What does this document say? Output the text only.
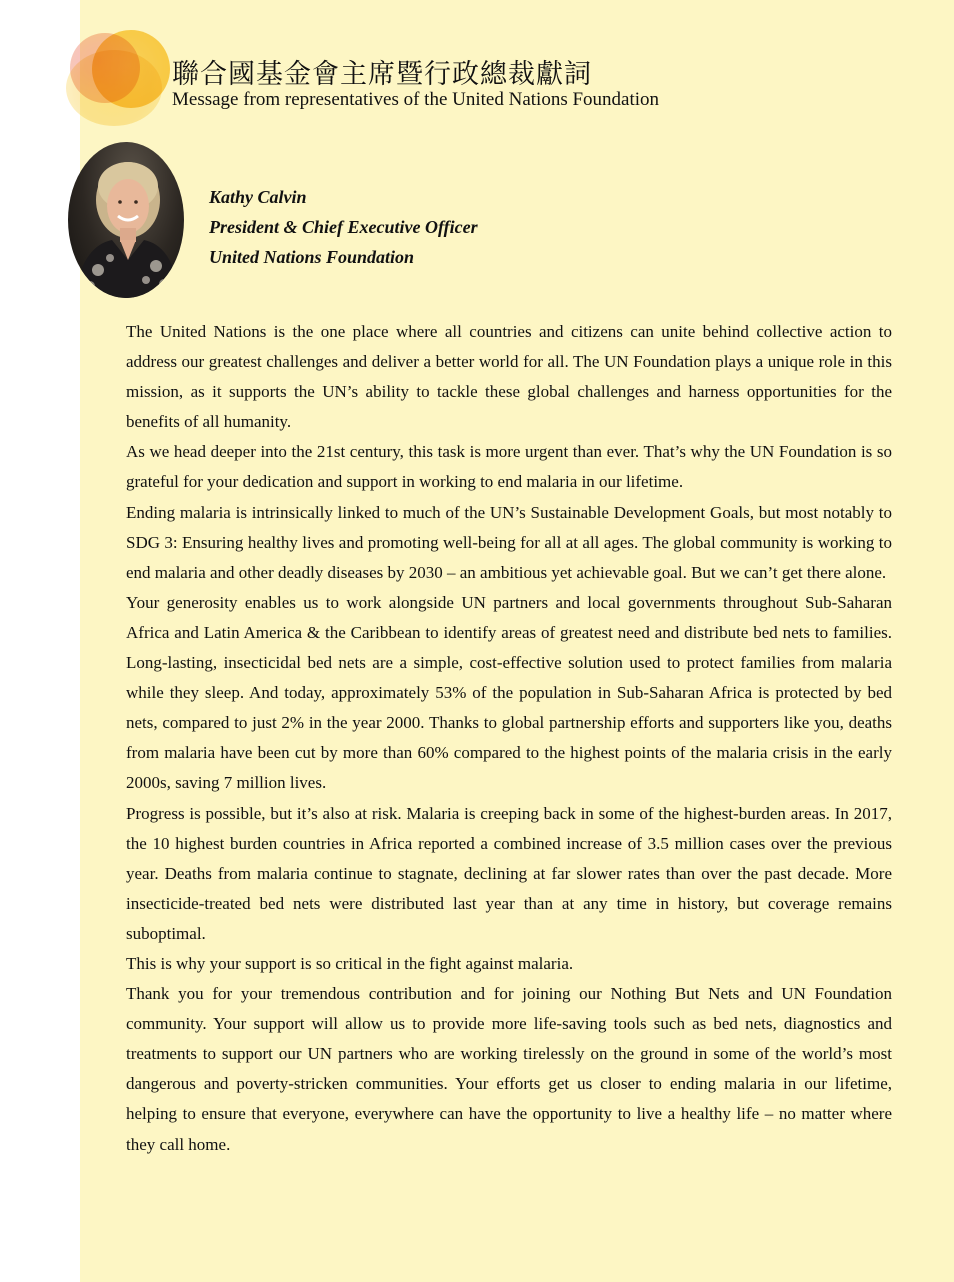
聯合國基金會主席暨行政總裁獻詞
Message from representatives of the United Nations Foundation
Kathy Calvin
President & Chief Executive Officer
United Nations Foundation

The United Nations is the one place where all countries and citizens can unite behind collective action to address our greatest challenges and deliver a better world for all. The UN Foundation plays a unique role in this mission, as it supports the UN’s ability to tackle these global challenges and harness opportunities for the benefits of all humanity.

As we head deeper into the 21st century, this task is more urgent than ever. That’s why the UN Foundation is so grateful for your dedication and support in working to end malaria in our lifetime.

Ending malaria is intrinsically linked to much of the UN’s Sustainable Development Goals, but most notably to SDG 3: Ensuring healthy lives and promoting well-being for all at all ages. The global community is working to end malaria and other deadly diseases by 2030 – an ambitious yet achievable goal. But we can’t get there alone.

Your generosity enables us to work alongside UN partners and local governments throughout Sub-Saharan Africa and Latin America & the Caribbean to identify areas of greatest need and distribute bed nets to families. Long-lasting, insecticidal bed nets are a simple, cost-effective solution used to protect families from malaria while they sleep. And today, approximately 53% of the population in Sub-Saharan Africa is protected by bed nets, compared to just 2% in the year 2000. Thanks to global partnership efforts and supporters like you, deaths from malaria have been cut by more than 60% compared to the highest points of the malaria crisis in the early 2000s, saving 7 million lives.

Progress is possible, but it’s also at risk. Malaria is creeping back in some of the highest-burden areas. In 2017, the 10 highest burden countries in Africa reported a combined increase of 3.5 million cases over the previous year. Deaths from malaria continue to stagnate, declining at far slower rates than over the past decade. More insecticide-treated bed nets were distributed last year than at any time in history, but coverage remains suboptimal.

This is why your support is so critical in the fight against malaria.

Thank you for your tremendous contribution and for joining our Nothing But Nets and UN Foundation community. Your support will allow us to provide more life-saving tools such as bed nets, diagnostics and treatments to support our UN partners who are working tirelessly on the ground in some of the world’s most dangerous and poverty-stricken communities. Your efforts get us closer to ending malaria in our lifetime, helping to ensure that everyone, everywhere can have the opportunity to live a healthy life – no matter where they call home.
